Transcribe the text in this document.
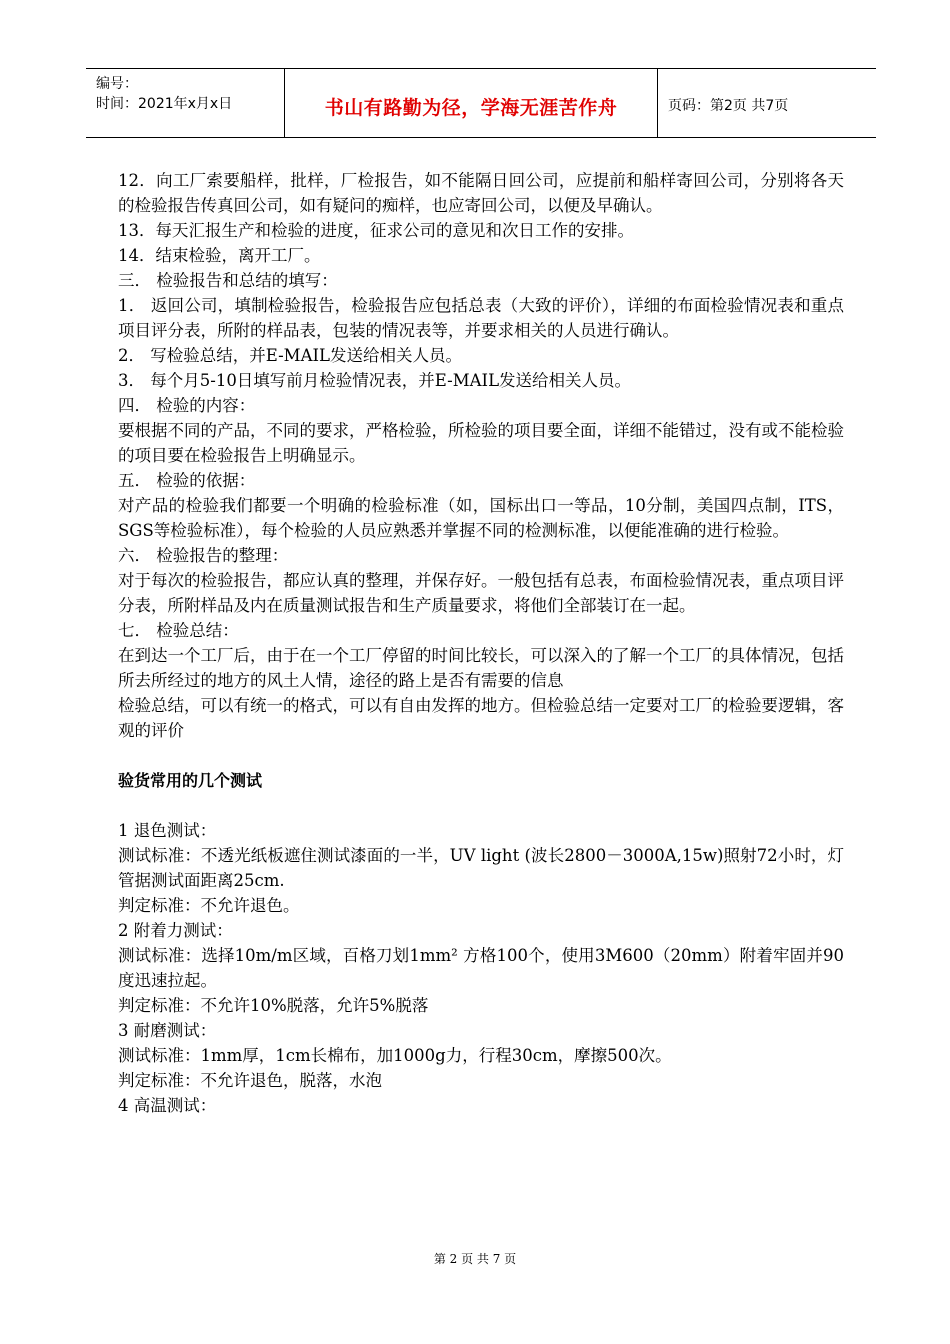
编号：
时间：2021年x月x日	书山有路勤为径，学海无涯苦作舟	页码：第2页 共7页

12．向工厂索要船样，批样，厂检报告，如不能隔日回公司，应提前和船样寄回公司，分别将各天的检验报告传真回公司，如有疑问的痴样，也应寄回公司，以便及早确认。

13．每天汇报生产和检验的进度，征求公司的意见和次日工作的安排。

14．结束检验，离开工厂。

三． 检验报告和总结的填写：

1． 返回公司，填制检验报告，检验报告应包括总表（大致的评价），详细的布面检验情况表和重点项目评分表，所附的样品表，包装的情况表等，并要求相关的人员进行确认。

2． 写检验总结，并E-MAIL发送给相关人员。

3． 每个月5-10日填写前月检验情况表，并E-MAIL发送给相关人员。

四． 检验的内容：

要根据不同的产品，不同的要求，严格检验，所检验的项目要全面，详细不能错过，没有或不能检验的项目要在检验报告上明确显示。

五． 检验的依据：

对产品的检验我们都要一个明确的检验标准（如，国标出口一等品，10分制，美国四点制，ITS，SGS等检验标准），每个检验的人员应熟悉并掌握不同的检测标准，以便能准确的进行检验。

六． 检验报告的整理：

对于每次的检验报告，都应认真的整理，并保存好。一般包括有总表，布面检验情况表，重点项目评分表，所附样品及内在质量测试报告和生产质量要求，将他们全部装订在一起。

七． 检验总结：

在到达一个工厂后，由于在一个工厂停留的时间比较长，可以深入的了解一个工厂的具体情况，包括所去所经过的地方的风土人情，途径的路上是否有需要的信息

检验总结，可以有统一的格式，可以有自由发挥的地方。但检验总结一定要对工厂的检验要逻辑，客观的评价

验货常用的几个测试

1 退色测试：

测试标准：不透光纸板遮住测试漆面的一半，UV light (波长2800－3000A,15w)照射72小时，灯管据测试面距离25cm.

判定标准：不允许退色。

2 附着力测试：

测试标准：选择10m/m区域，百格刀划1mm² 方格100个，使用3M600（20mm）附着牢固并90度迅速拉起。

判定标准：不允许10%脱落，允许5%脱落

3 耐磨测试：

测试标准：1mm厚，1cm长棉布，加1000g力，行程30cm，摩擦500次。

判定标准：不允许退色，脱落，水泡

4 高温测试：

第 2 页 共 7 页
